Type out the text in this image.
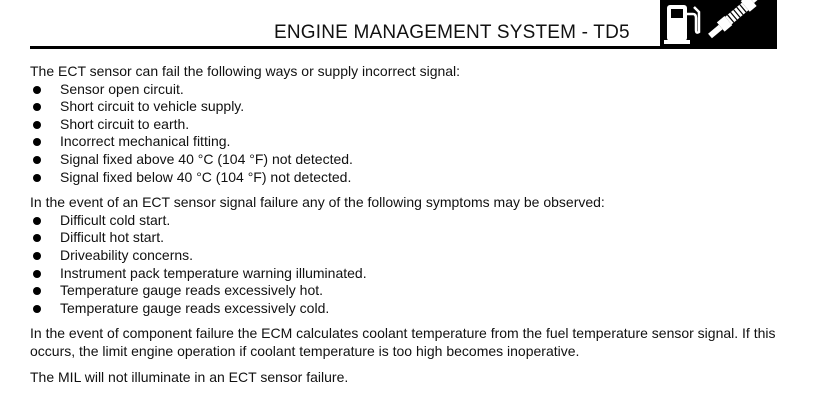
ENGINE MANAGEMENT SYSTEM - TD5

The ECT sensor can fail the following ways or supply incorrect signal:

Sensor open circuit.
Short circuit to vehicle supply.
Short circuit to earth.
Incorrect mechanical fitting.
Signal fixed above 40 °C (104 °F) not detected.
Signal fixed below 40 °C (104 °F) not detected.

In the event of an ECT sensor signal failure any of the following symptoms may be observed:

Difficult cold start.
Difficult hot start.
Driveability concerns.
Instrument pack temperature warning illuminated.
Temperature gauge reads excessively hot.
Temperature gauge reads excessively cold.

In the event of component failure the ECM calculates coolant temperature from the fuel temperature sensor signal. If this occurs, the limit engine operation if coolant temperature is too high becomes inoperative.

The MIL will not illuminate in an ECT sensor failure.
